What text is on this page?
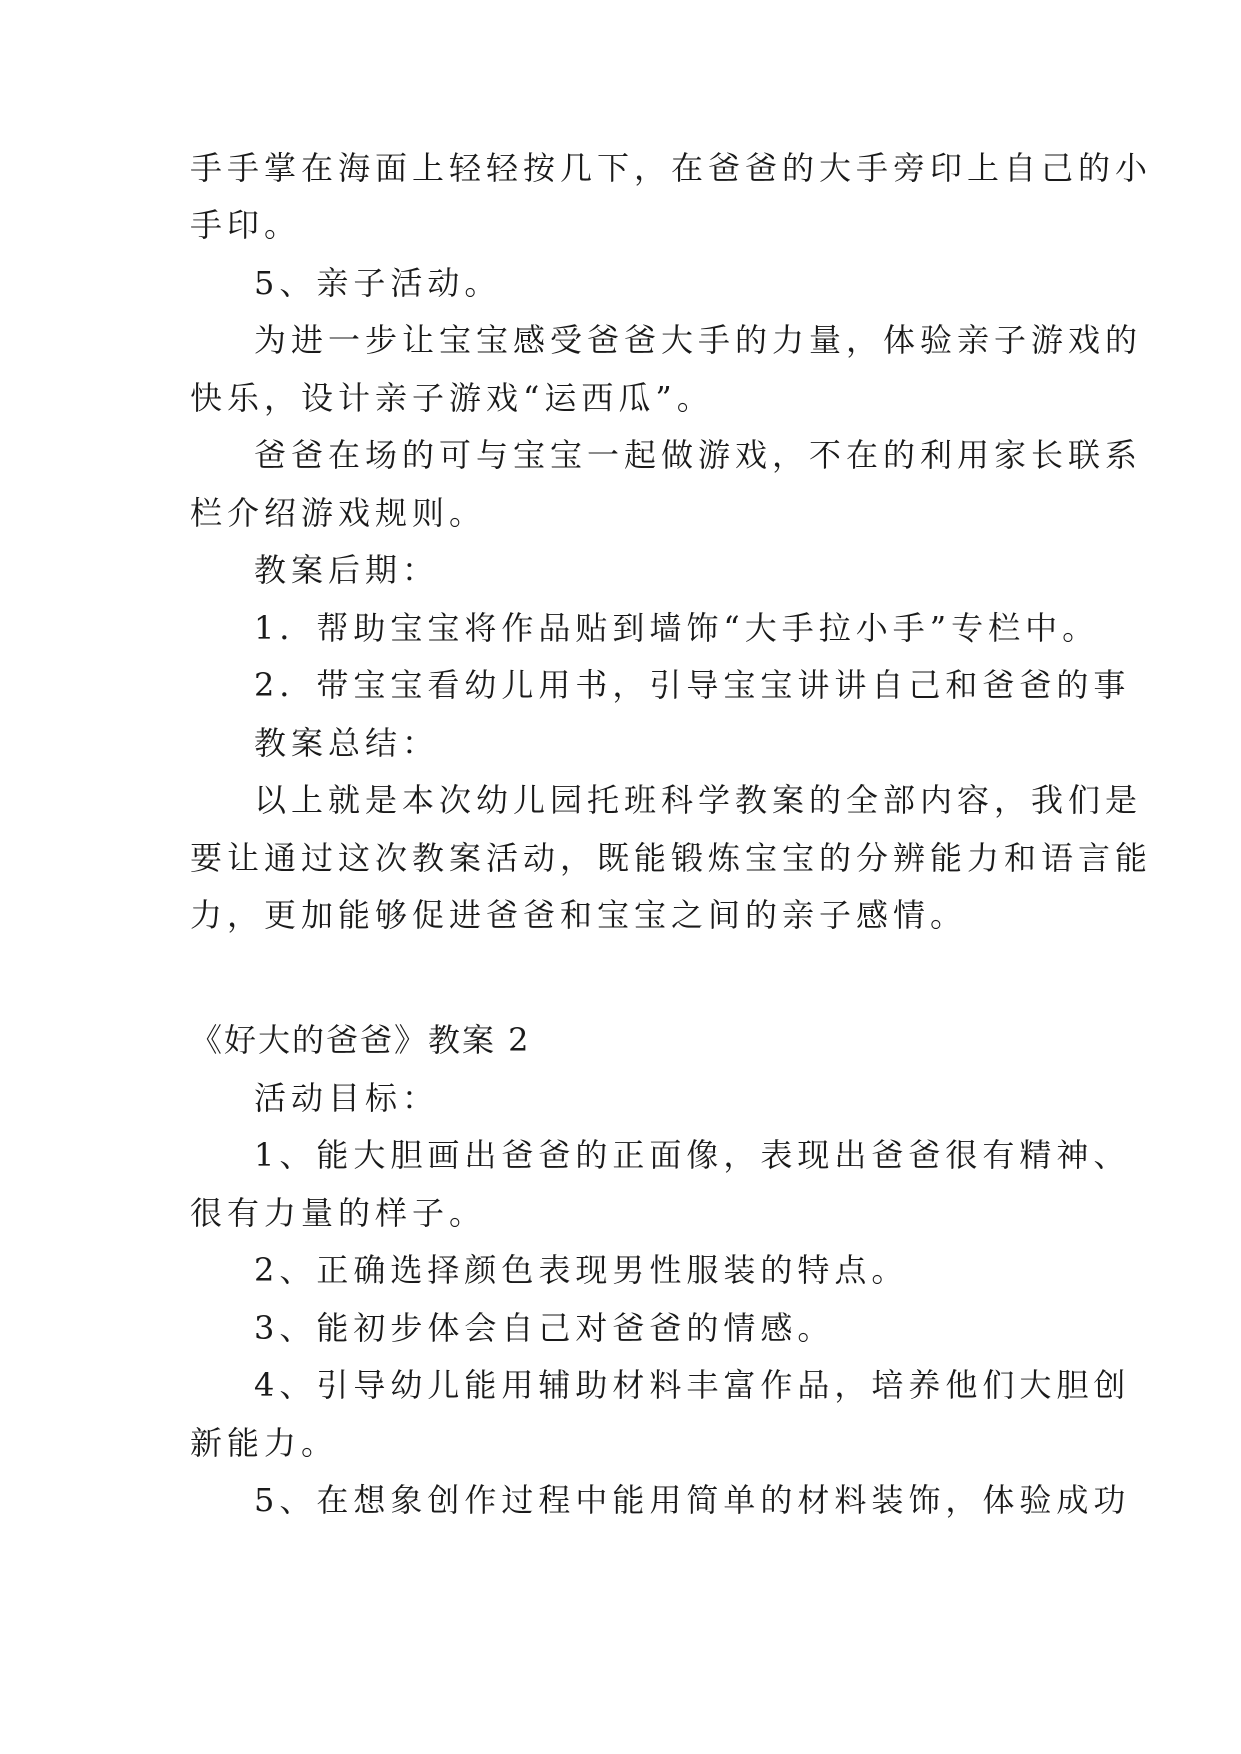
手手掌在海面上轻轻按几下，在爸爸的大手旁印上自己的小
手印。
5、亲子活动。
为进一步让宝宝感受爸爸大手的力量，体验亲子游戏的
快乐，设计亲子游戏“运西瓜”。
爸爸在场的可与宝宝一起做游戏，不在的利用家长联系
栏介绍游戏规则。
教案后期：
1．帮助宝宝将作品贴到墙饰“大手拉小手”专栏中。
2．带宝宝看幼儿用书，引导宝宝讲讲自己和爸爸的事
教案总结：
以上就是本次幼儿园托班科学教案的全部内容，我们是
要让通过这次教案活动，既能锻炼宝宝的分辨能力和语言能
力，更加能够促进爸爸和宝宝之间的亲子感情。
《好大的爸爸》教案 2
活动目标：
1、能大胆画出爸爸的正面像，表现出爸爸很有精神、
很有力量的样子。
2、正确选择颜色表现男性服装的特点。
3、能初步体会自己对爸爸的情感。
4、引导幼儿能用辅助材料丰富作品，培养他们大胆创
新能力。
5、在想象创作过程中能用简单的材料装饰，体验成功
